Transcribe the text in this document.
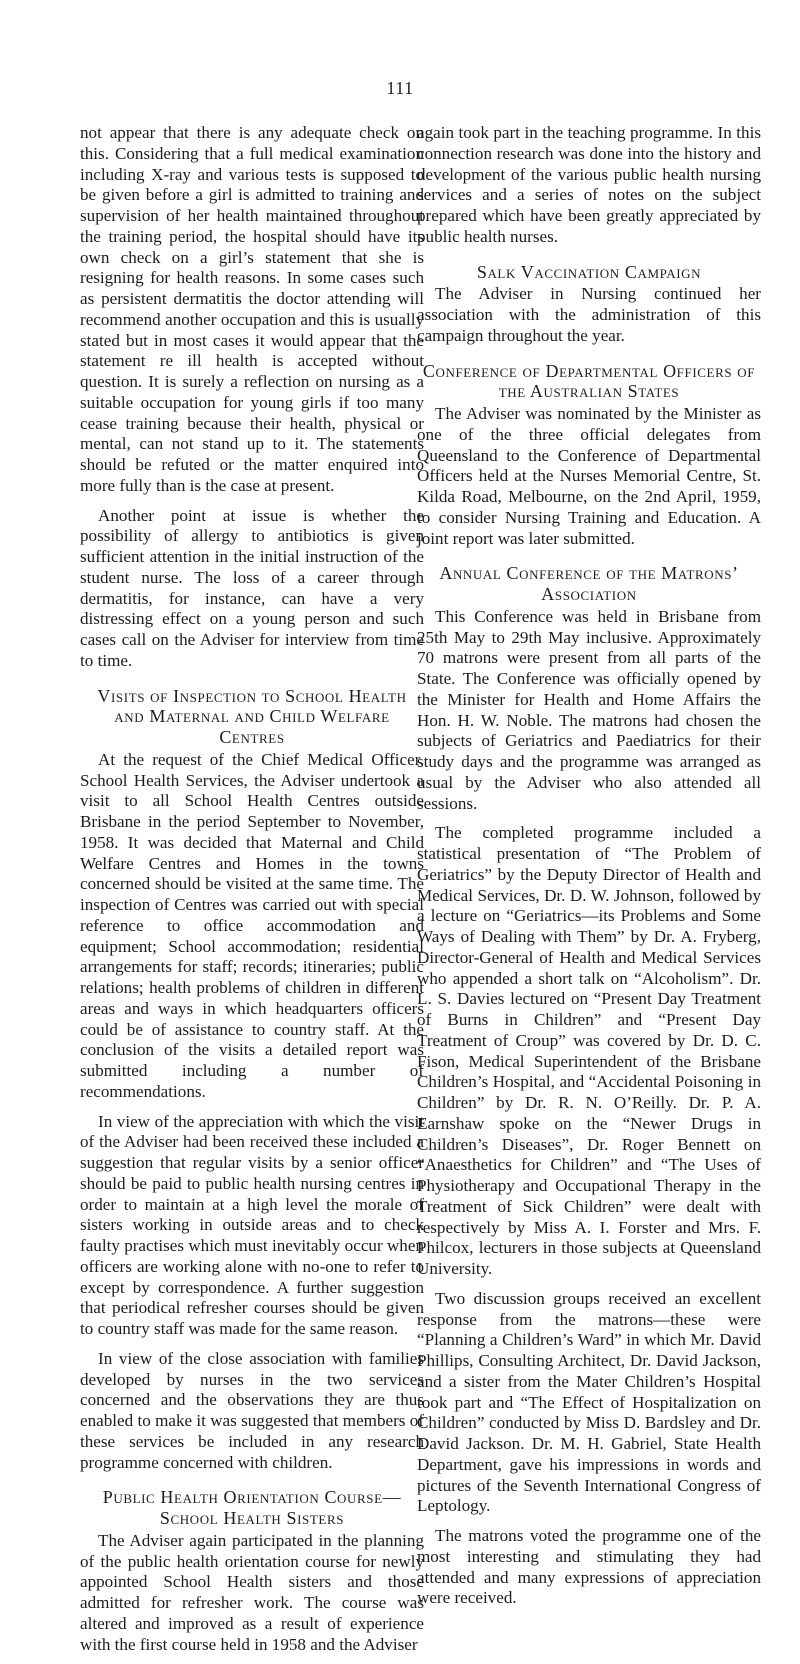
111

not appear that there is any adequate check on this. Considering that a full medical examination including X-ray and various tests is supposed to be given before a girl is admitted to training and supervision of her health maintained throughout the training period, the hospital should have its own check on a girl’s statement that she is resigning for health reasons. In some cases such as persistent dermatitis the doctor attending will recommend another occupation and this is usually stated but in most cases it would appear that the statement re ill health is accepted without question. It is surely a reflection on nursing as a suitable occupation for young girls if too many cease training because their health, physical or mental, can not stand up to it. The statements should be refuted or the matter enquired into more fully than is the case at present.

Another point at issue is whether the possibility of allergy to antibiotics is given sufficient attention in the initial instruction of the student nurse. The loss of a career through dermatitis, for instance, can have a very distressing effect on a young person and such cases call on the Adviser for interview from time to time.

Visits of Inspection to School Health and Maternal and Child Welfare Centres

At the request of the Chief Medical Officer, School Health Services, the Adviser undertook a visit to all School Health Centres outside Brisbane in the period September to November, 1958. It was decided that Maternal and Child Welfare Centres and Homes in the towns concerned should be visited at the same time. The inspection of Centres was carried out with special reference to office accommodation and equipment; School accommodation; residential arrangements for staff; records; itineraries; public relations; health problems of children in different areas and ways in which headquarters officers could be of assistance to country staff. At the conclusion of the visits a detailed report was submitted including a number of recommendations.

In view of the appreciation with which the visit of the Adviser had been received these included a suggestion that regular visits by a senior officer should be paid to public health nursing centres in order to maintain at a high level the morale of sisters working in outside areas and to check faulty practises which must inevitably occur when officers are working alone with no-one to refer to except by correspondence. A further suggestion that periodical refresher courses should be given to country staff was made for the same reason.

In view of the close association with families developed by nurses in the two services concerned and the observations they are thus enabled to make it was suggested that members of these services be included in any research programme concerned with children.

Public Health Orientation Course— School Health Sisters

The Adviser again participated in the planning of the public health orientation course for newly appointed School Health sisters and those admitted for refresher work. The course was altered and improved as a result of experience with the first course held in 1958 and the Adviser

again took part in the teaching programme. In this connection research was done into the history and development of the various public health nursing services and a series of notes on the subject prepared which have been greatly appreciated by public health nurses.

Salk Vaccination Campaign

The Adviser in Nursing continued her association with the administration of this campaign throughout the year.

Conference of Departmental Officers of the Australian States

The Adviser was nominated by the Minister as one of the three official delegates from Queensland to the Conference of Departmental Officers held at the Nurses Memorial Centre, St. Kilda Road, Melbourne, on the 2nd April, 1959, to consider Nursing Training and Education. A joint report was later submitted.

Annual Conference of the Matrons’ Association

This Conference was held in Brisbane from 25th May to 29th May inclusive. Approximately 70 matrons were present from all parts of the State. The Conference was officially opened by the Minister for Health and Home Affairs the Hon. H. W. Noble. The matrons had chosen the subjects of Geriatrics and Paediatrics for their study days and the programme was arranged as usual by the Adviser who also attended all sessions.

The completed programme included a statistical presentation of “The Problem of Geriatrics” by the Deputy Director of Health and Medical Services, Dr. D. W. Johnson, followed by a lecture on “Geriatrics—its Problems and Some Ways of Dealing with Them” by Dr. A. Fryberg, Director-General of Health and Medical Services who appended a short talk on “Alcoholism”. Dr. L. S. Davies lectured on “Present Day Treatment of Burns in Children” and “Present Day Treatment of Croup” was covered by Dr. D. C. Fison, Medical Superintendent of the Brisbane Children’s Hospital, and “Accidental Poisoning in Children” by Dr. R. N. O’Reilly. Dr. P. A. Earnshaw spoke on the “Newer Drugs in Children’s Diseases”, Dr. Roger Bennett on “Anaesthetics for Children” and “The Uses of Physiotherapy and Occupational Therapy in the Treatment of Sick Children” were dealt with respectively by Miss A. I. Forster and Mrs. F. Philcox, lecturers in those subjects at Queensland University.

Two discussion groups received an excellent response from the matrons—these were “Planning a Children’s Ward” in which Mr. David Phillips, Consulting Architect, Dr. David Jackson, and a sister from the Mater Children’s Hospital took part and “The Effect of Hospitalization on Children” conducted by Miss D. Bardsley and Dr. David Jackson. Dr. M. H. Gabriel, State Health Department, gave his impressions in words and pictures of the Seventh International Congress of Leptology.

The matrons voted the programme one of the most interesting and stimulating they had attended and many expressions of appreciation were received.
